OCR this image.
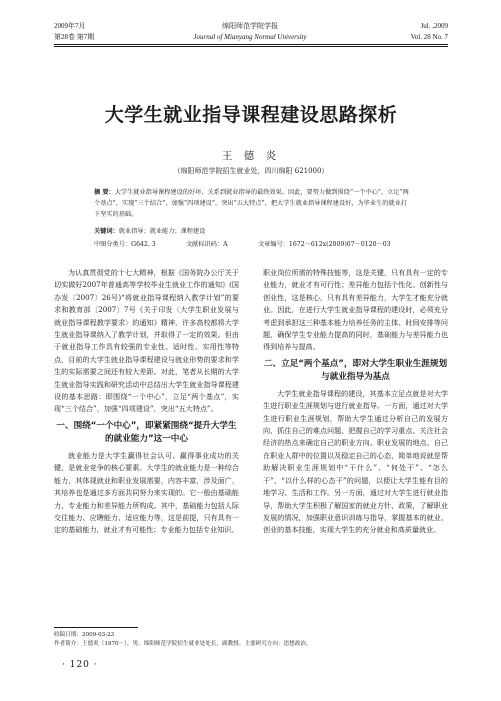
2009年7月
第28卷 第7期
绵阳师范学院学报
Journal of Mianyang Normal University
Jul. ,2009
Vol. 28 No. 7
大学生就业指导课程建设思路探析
王 德 炎
（绵阳师范学院招生就业处，四川绵阳 621000）
摘 要：大学生就业指导课程建设的好坏，关系到就业指导的最终效果。因此，要努力做到围绕“一个中心”，立足“两个基点”，实现“三个结合”，加强“四项建设”，突出“五大特点”，把大学生就业指导课程建设好，为毕业生的就业打下坚实的基础。
关键词：就业指导；就业能力；课程建设
中图分类号：G642. 3	文献标识码：A	文章编号：1672－612x(2009)07－0120－03

为认真贯彻党的十七大精神，根据《国务院办公厅关于切实做好2007年普通高等学校毕业生就业工作的通知》(国办发〔2007〕26号)“将就业指导课程纳入教学计划”的要求和教育部〔2007〕7号《关于印发〈大学生职业发展与就业指导课程教学要求〉的通知》精神，许多高校都将大学生就业指导课纳入了教学计划，并取得了一定的效果。但由于就业指导工作具有较强的专业性、适时性、实用性等特点，目前的大学生就业指导课程建设与就业形势的要求和学生的实际需要之间还有较大差距。对此，笔者从长期的大学生就业指导实践和研究活动中总结出大学生就业指导课程建设的基本思路：即围绕“一个中心”，立足“两个基点”，实现“三个结合”，加强“四项建设”，突出“五大特点”。

一、围绕“一个中心”，即紧紧围绕“提升大学生的就业能力”这一中心

就业能力是大学生赢得社会认可、赢得事业成功的关键，是就业竞争的核心要素。大学生的就业能力是一种综合能力，其体现就业和职业发展需要，内容丰富，涉及面广，其培养也是通过多方面共同努力来实现的。它一般由基础能力、专业能力和差异能力所构成。其中，基础能力包括人际交往能力、应聘能力、适应能力等，这是前提，只有具有一定的基础能力，就业才有可能性；专业能力包括专业知识、

职业岗位所需的特殊技能等，这是关键，只有具有一定的专业能力，就业才有可行性；差异能力包括个性化、创新性与创业性，这是核心，只有具有差异能力，大学生才能充分就业。因此，在进行大学生就业指导课程的建设时，必须充分考虑到承担这三种基本能力培养任务的主体、时间安排等问题，确保学生专业能力提高的同时，基础能力与差异能力也得到培养与提高。

二、立足“两个基点”，即对大学生职业生涯规划与就业指导为基点

大学生就业指导课程的建设，其基本立足点就是对大学生进行职业生涯规划与进行就业指导。一方面，通过对大学生进行职业生涯规划，帮助大学生通过分析自己的发展方向、抓住自己的难点问题、把握自己的学习重点、关注社会经济的热点来确定自己的职业方向、职业发展的地点、自己在职业人群中的位置以及稳定自己的心态，简单地说就是帮助解决职业生涯规划中“干什么”、“何处干”、“怎么干”、“以什么样的心态干”的问题，以便让大学生能有目的地学习、生活和工作。另一方面，通过对大学生进行就业指导，帮助大学生积极了解国家的就业方针、政策，了解职业发展的情况，加强职业意识训练与指导，掌握基本的就业、创业的基本技能，实现大学生的充分就业和高质量就业。

收稿日期：2009-03-23
作者简介：王德炎（1970－），男，绵阳师范学院招生就业处处长，副教授。主要研究方向：思想政治。
· 120 ·
